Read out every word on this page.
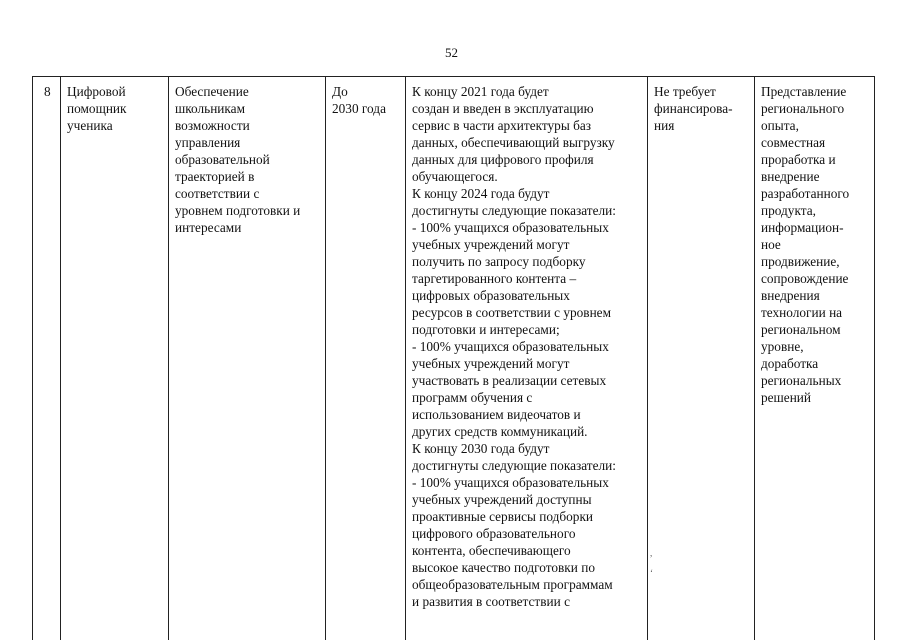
52
8	Цифровой
помощник
ученика
Обеспечение
школьникам
возможности
управления
образовательной
траекторией в
соответствии с
уровнем подготовки и
интересами
До
2030 года
К концу 2021 года будет
создан и введен в эксплуатацию
сервис в части архитектуры баз
данных, обеспечивающий выгрузку
данных для цифрового профиля
обучающегося.
К концу 2024 года будут
достигнуты следующие показатели:
- 100% учащихся образовательных
учебных учреждений могут
получить по запросу подборку
таргетированного контента –
цифровых образовательных
ресурсов в соответствии с уровнем
подготовки и интересами;
- 100% учащихся образовательных
учебных учреждений могут
участвовать в реализации сетевых
программ обучения с
использованием видеочатов и
других средств коммуникаций.
К концу 2030 года будут
достигнуты следующие показатели:
- 100% учащихся образовательных
учебных учреждений доступны
проактивные сервисы подборки
цифрового образовательного
контента, обеспечивающего
высокое качество подготовки по
общеобразовательным программам
и развития в соответствии с
Не требует
финансирова-
ния
Представление
регионального
опыта,
совместная
проработка и
внедрение
разработанного
продукта,
информацион-
ное
продвижение,
сопровождение
внедрения
технологии на
региональном
уровне,
доработка
региональных
решений
,

ʻ
